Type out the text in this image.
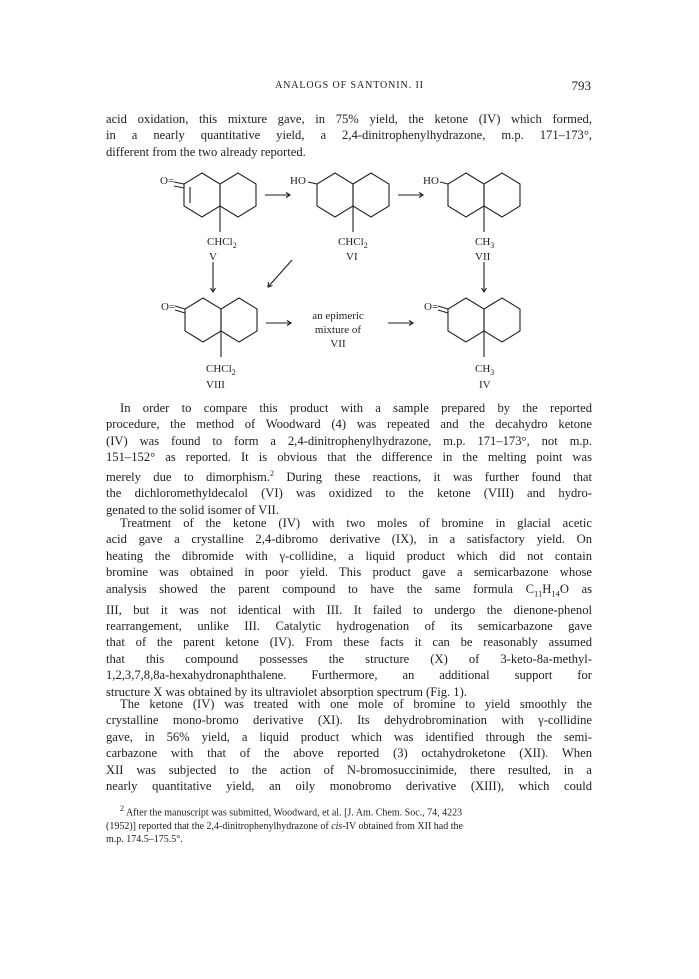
ANALOGS OF SANTONIN. II	793

acid oxidation, this mixture gave, in 75% yield, the ketone (IV) which formed,
in a nearly quantitative yield, a 2,4-dinitrophenylhydrazone, m.p. 171–173°,
different from the two already reported.

O=	HO	HO
O=	O=
CHCl$_2$	CHCl$_2$	$CH_3$
CHCl$_2$	$CH_3$
V	VI	VII
VIII	IV
an epimeric
mixture of
VII

In order to compare this product with a sample prepared by the reported
procedure, the method of Woodward (4) was repeated and the decahydro ketone
(IV) was found to form a 2,4-dinitrophenylhydrazone, m.p. 171–173°, not m.p.
151–152° as reported. It is obvious that the difference in the melting point was
merely due to dimorphism.$^2$ During these reactions, it was further found that
the dichloromethyldecalol (VI) was oxidized to the ketone (VIII) and hydro-
genated to the solid isomer of VII.

Treatment of the ketone (IV) with two moles of bromine in glacial acetic
acid gave a crystalline 2,4-dibromo derivative (IX), in a satisfactory yield. On
heating the dibromide with γ-collidine, a liquid product which did not contain
bromine was obtained in poor yield. This product gave a semicarbazone whose
analysis showed the parent compound to have the same formula $C_{11}H_{14}O$ as
III, but it was not identical with III. It failed to undergo the dienone-phenol
rearrangement, unlike III. Catalytic hydrogenation of its semicarbazone gave
that of the parent ketone (IV). From these facts it can be reasonably assumed
that this compound possesses the structure (X) of 3-keto-8a-methyl-
1,2,3,7,8,8a-hexahydronaphthalene. Furthermore, an additional support for
structure X was obtained by its ultraviolet absorption spectrum (Fig. 1).

The ketone (IV) was treated with one mole of bromine to yield smoothly the
crystalline mono-bromo derivative (XI). Its dehydrobromination with γ-collidine
gave, in 56% yield, a liquid product which was identified through the semi-
carbazone with that of the above reported (3) octahydroketone (XII). When
XII was subjected to the action of N-bromosuccinimide, there resulted, in a
nearly quantitative yield, an oily monobromo derivative (XIII), which could

$^2$ After the manuscript was submitted, Woodward, et al. [J. Am. Chem. Soc., 74, 4223
(1952)] reported that the 2,4-dinitrophenylhydrazone of cis-IV obtained from XII had the
m.p. 174.5–175.5°.
